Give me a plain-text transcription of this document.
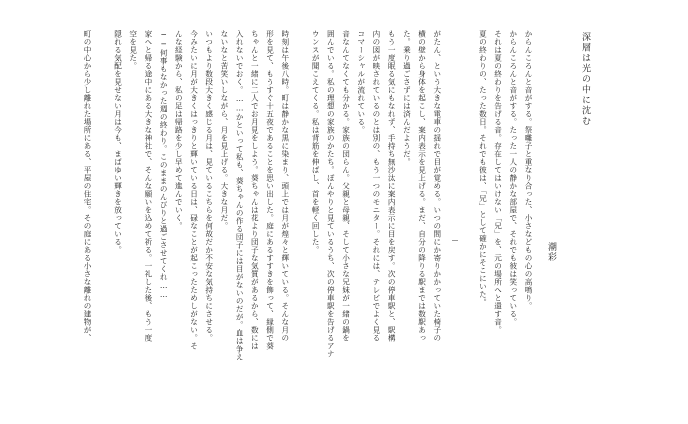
深層は光の中に沈む
潮彩
からんころんと音がする。祭囃子と重なり合った、小さなどもの心の高鳴り。
からんころんと音がする。たった一人の静かな部屋で、それでも彼は笑っている。
それは夏の終わりを告げる音。存在してはいけない「兄」を、元の場所へと還す音。
夏の終わりの、たった数日。それでも彼は、「兄」として確かにそこにいた。

がたん、という大きな電車の揺れで目が覚める。いつの間にか寄りかかっていた椅子の
横の壁から身体を起こし、案内表示を見上げる。まだ、自分の降りる駅までは数駅あっ
た。乗り過ごさずには済んだようだ。
もう一度眠る気にもなれず、手持ち無沙汰に案内表示に目を戻す。次の停車駅と、駅構
内の図が映されているのとは別の、もう一つのモニター。それには、テレビでよく見る
コマーシャルが流れている。
音なんてなくても分かる。家族の団らん。父親と母親、そして小さな兄妹が一緒の鍋を
囲んでいる。私の理想の家族のかたち。ぼんやりと見ているうち、次の停車駅を告げるアナ
ウンスが聞こえてくる。私は背筋を伸ばし、首を軽く回した。

時刻は午後八時。町は静かな黒に染まり、頭上では月が煌々と輝いている。そんな月の
形を見て、もうすぐ十五夜であることを思い出した。庭にあるすすきを飾って、縁側で葵
ちゃんと一緒に二人でお月見をしよう。葵ちゃんは花より団子な気質があるから、数には
入れないでおく。……かといって私も、葵ちゃんの作る団子には目がないのだが。血は争え
ないなと苦笑いしながら、月を見上げる。大きな月だ。
いつもより数段大きく感じる月は、見ているこちらを何故だか不安な気持ちにさせる。
今みたいに月が大きくはっきりと輝いている日は、碌なことが起こったためしがない。そ
んな経験から、私の足は帰路を少し早めて進んでいく。
──何事もなかった週の終わり。このままのんびりと過ごさせてくれ……
家へと帰る途中にある大きな神社で、そんな願いを込めて祈る。一礼した後、もう一度
空を見た。
隠れる気配を見せない月は今も、まばゆい輝きを放っている。

町の中心から少し離れた場所にある、平屋の住宅。その庭にある小さな離れの建物が、
